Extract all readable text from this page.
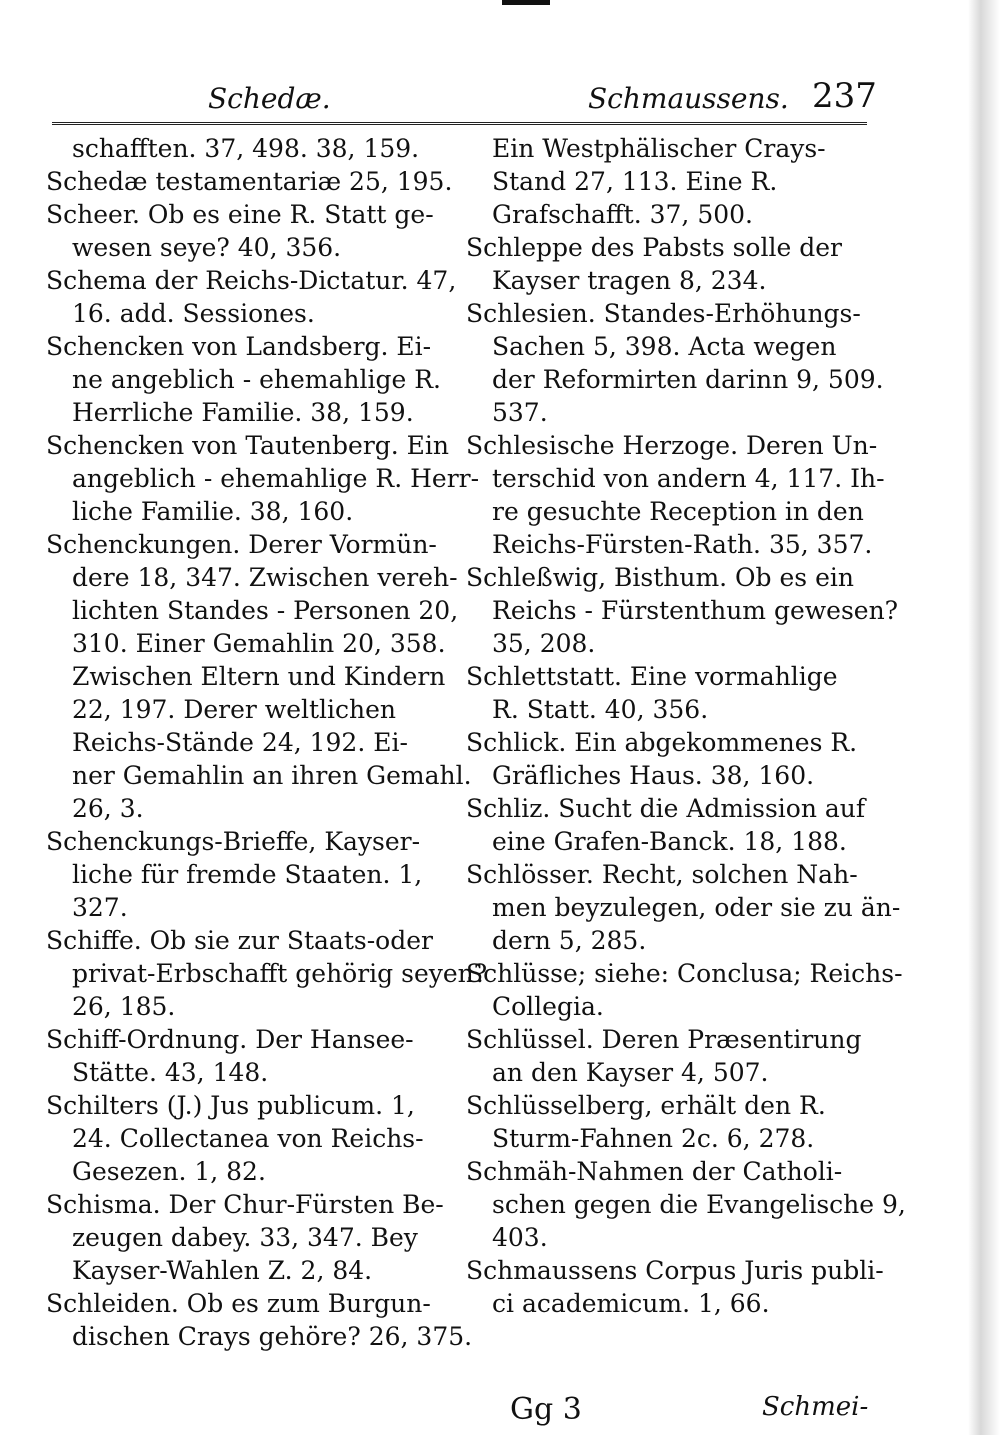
Schedæ.	Schmaussens. 237
schafften. 37, 498. 38, 159.
Schedæ testamentariæ 25, 195.
Scheer. Ob es eine R. Statt ge-
wesen seye? 40, 356.
Schema der Reichs-Dictatur. 47,
16. add. Sessiones.
Schencken von Landsberg. Ei-
ne angeblich - ehemahlige R.
Herrliche Familie. 38, 159.
Schencken von Tautenberg. Ein
angeblich - ehemahlige R. Herr-
liche Familie. 38, 160.
Schenckungen. Derer Vormün-
dere 18, 347. Zwischen vereh-
lichten Standes - Personen 20,
310. Einer Gemahlin 20, 358.
Zwischen Eltern und Kindern
22, 197. Derer weltlichen
Reichs-Stände 24, 192. Ei-
ner Gemahlin an ihren Gemahl.
26, 3.
Schenckungs-Brieffe, Kayser-
liche für fremde Staaten. 1,
327.
Schiffe. Ob sie zur Staats-oder
privat-Erbschafft gehörig seyen?
26, 185.
Schiff-Ordnung. Der Hansee-
Stätte. 43, 148.
Schilters (J.) Jus publicum. 1,
24. Collectanea von Reichs-
Gesezen. 1, 82.
Schisma. Der Chur-Fürsten Be-
zeugen dabey. 33, 347. Bey
Kayser-Wahlen Z. 2, 84.
Schleiden. Ob es zum Burgun-
dischen Crays gehöre? 26, 375.
Ein Westphälischer Crays-
Stand 27, 113. Eine R.
Grafschafft. 37, 500.
Schleppe des Pabsts solle der
Kayser tragen 8, 234.
Schlesien. Standes-Erhöhungs-
Sachen 5, 398. Acta wegen
der Reformirten darinn 9, 509.
537.
Schlesische Herzoge. Deren Un-
terschid von andern 4, 117. Ih-
re gesuchte Reception in den
Reichs-Fürsten-Rath. 35, 357.
Schleßwig, Bisthum. Ob es ein
Reichs - Fürstenthum gewesen?
35, 208.
Schlettstatt. Eine vormahlige
R. Statt. 40, 356.
Schlick. Ein abgekommenes R.
Gräfliches Haus. 38, 160.
Schliz. Sucht die Admission auf
eine Grafen-Banck. 18, 188.
Schlösser. Recht, solchen Nah-
men beyzulegen, oder sie zu än-
dern 5, 285.
Schlüsse; siehe: Conclusa; Reichs-
Collegia.
Schlüssel. Deren Præsentirung
an den Kayser 4, 507.
Schlüsselberg, erhält den R.
Sturm-Fahnen 2c. 6, 278.
Schmäh-Nahmen der Catholi-
schen gegen die Evangelische 9,
403.
Schmaussens Corpus Juris publi-
ci academicum. 1, 66.
Gg 3	Schmei-
